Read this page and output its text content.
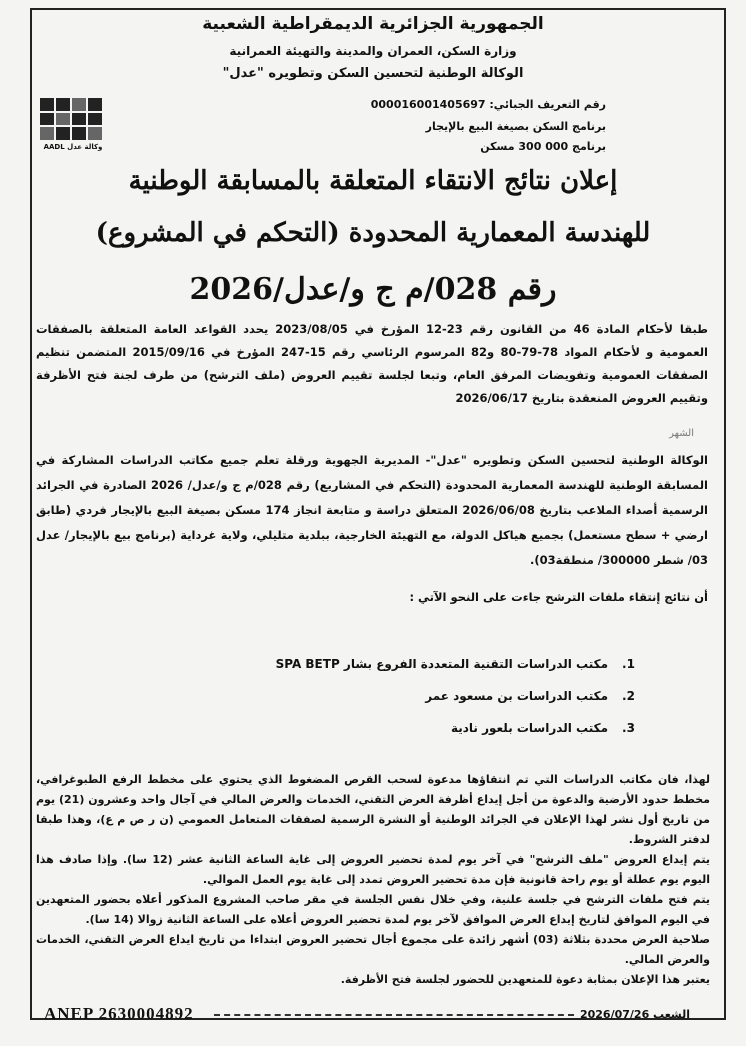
الجمهورية الجزائرية الديمقراطية الشعبية
وزارة السكن، العمران والمدينة والتهيئة العمرانية
الوكالة الوطنية لتحسين السكن وتطويره "عدل"
رقم التعريف الجبائي: 000016001405697
برنامج السكن بصيغة البيع بالإيجار
برنامج 000 300 مسكن
وكالة عدل AADL
إعلان نتائج الانتقاء المتعلقة بالمسابقة الوطنية
للهندسة المعمارية المحدودة (التحكم في المشروع)
رقم 028/م ج و/عدل/2026
طبقا لأحكام المادة 46 من القانون رقم 23-12 المؤرخ في 2023/08/05 يحدد القواعد العامة المتعلقة بالصفقات العمومية و لأحكام المواد 78-79-80 و82 المرسوم الرئاسي رقم 15-247 المؤرخ في 2015/09/16 المتضمن تنظيم الصفقات العمومية وتفويضات المرفق العام، وتبعا لجلسة تقييم العروض (ملف الترشح) من طرف لجنة فتح الأظرفة وتقييم العروض المنعقدة بتاريخ 2026/06/17
الشهر
الوكالة الوطنية لتحسين السكن وتطويره "عدل"- المديرية الجهوية ورقلة تعلم جميع مكاتب الدراسات المشاركة في المسابقة الوطنية للهندسة المعمارية المحدودة (التحكم في المشاريع) رقم 028/م ج و/عدل/ 2026 الصادرة في الجرائد الرسمية أصداء الملاعب بتاريخ 2026/06/08 المتعلق دراسة و متابعة انجاز 174 مسكن بصيغة البيع بالإيجار فردي (طابق ارضي + سطح مستعمل) بجميع هياكل الدولة، مع التهيئة الخارجية، ببلدية متليلي، ولاية غرداية (برنامج بيع بالإيجار/ عدل 03/ شطر 300000/ منطقة03).
أن نتائج إنتقاء ملفات الترشح جاءت على النحو الآتي :
1.
مكتب الدراسات التقنية المتعددة الفروع بشار SPA BETP
2.
مكتب الدراسات بن مسعود عمر
3.
مكتب الدراسات بلعور نادية

لهذا، فان مكاتب الدراسات التي تم انتقاؤها مدعوة لسحب القرص المضغوط الذي يحتوي على مخطط الرفع الطبوغرافي، مخطط حدود الأرضية والدعوة من أجل إيداع أظرفة العرض التقني، الخدمات والعرض المالي في آجال واحد وعشرون (21) يوم من تاريخ أول نشر لهذا الإعلان في الجرائد الوطنية أو النشرة الرسمية لصفقات المتعامل العمومي (ن ر ص م ع)، وهذا طبقا لدفتر الشروط.

يتم إيداع العروض "ملف الترشح" في آخر يوم لمدة تحضير العروض إلى غاية الساعة الثانية عشر (12 سا). وإذا صادف هذا اليوم يوم عطلة أو يوم راحة قانونية فإن مدة تحضير العروض تمدد إلى غاية يوم العمل الموالي.

يتم فتح ملفات الترشح في جلسة علنية، وفي خلال نفس الجلسة في مقر صاحب المشروع المذكور أعلاه بحضور المتعهدين في اليوم الموافق لتاريخ إيداع العرض الموافق لآخر يوم لمدة تحضير العروض أعلاه على الساعة الثانية زوالا (14 سا).

صلاحية العرض محددة بثلاثة (03) أشهر زائدة على مجموع أجال تحضير العروض ابتداءا من تاريخ ايداع العرض التقني، الخدمات والعرض المالي.

يعتبر هذا الإعلان بمثابة دعوة للمتعهدين للحضور لجلسة فتح الأظرفة.

ANEP 2630004892	الشعب 2026/07/26
